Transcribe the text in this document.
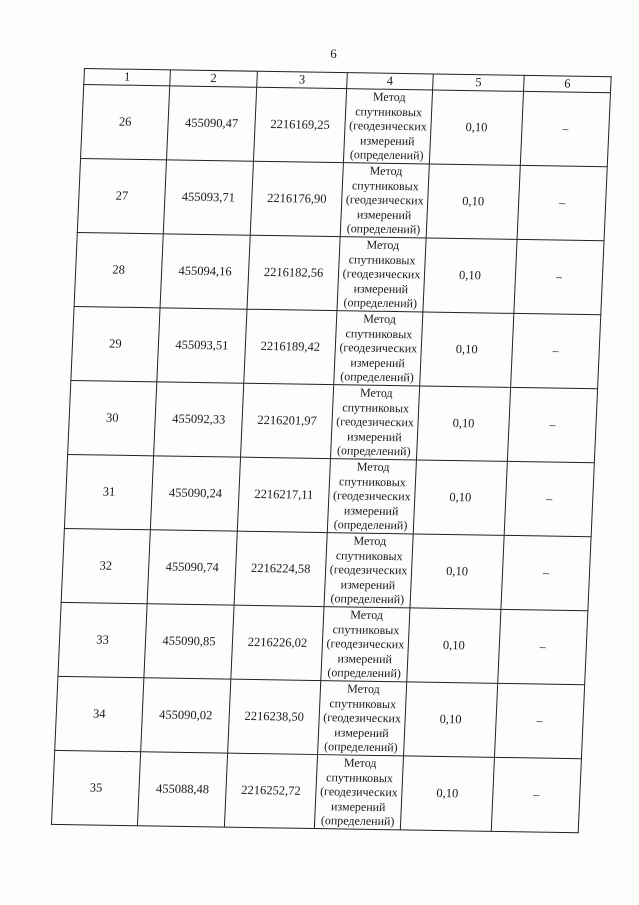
6
1	2	3	4	5	6
26	455090,47	2216169,25	Метод
спутниковых
(геодезических
измерений
(определений)	0,10	–
27	455093,71	2216176,90	Метод
спутниковых
(геодезических
измерений
(определений)	0,10	–
28	455094,16	2216182,56	Метод
спутниковых
(геодезических
измерений
(определений)	0,10	–
29	455093,51	2216189,42	Метод
спутниковых
(геодезических
измерений
(определений)	0,10	–
30	455092,33	2216201,97	Метод
спутниковых
(геодезических
измерений
(определений)	0,10	–
31	455090,24	2216217,11	Метод
спутниковых
(геодезических
измерений
(определений)	0,10	–
32	455090,74	2216224,58	Метод
спутниковых
(геодезических
измерений
(определений)	0,10	–
33	455090,85	2216226,02	Метод
спутниковых
(геодезических
измерений
(определений)	0,10	–
34	455090,02	2216238,50	Метод
спутниковых
(геодезических
измерений
(определений)	0,10	–
35	455088,48	2216252,72	Метод
спутниковых
(геодезических
измерений
(определений)	0,10	–
